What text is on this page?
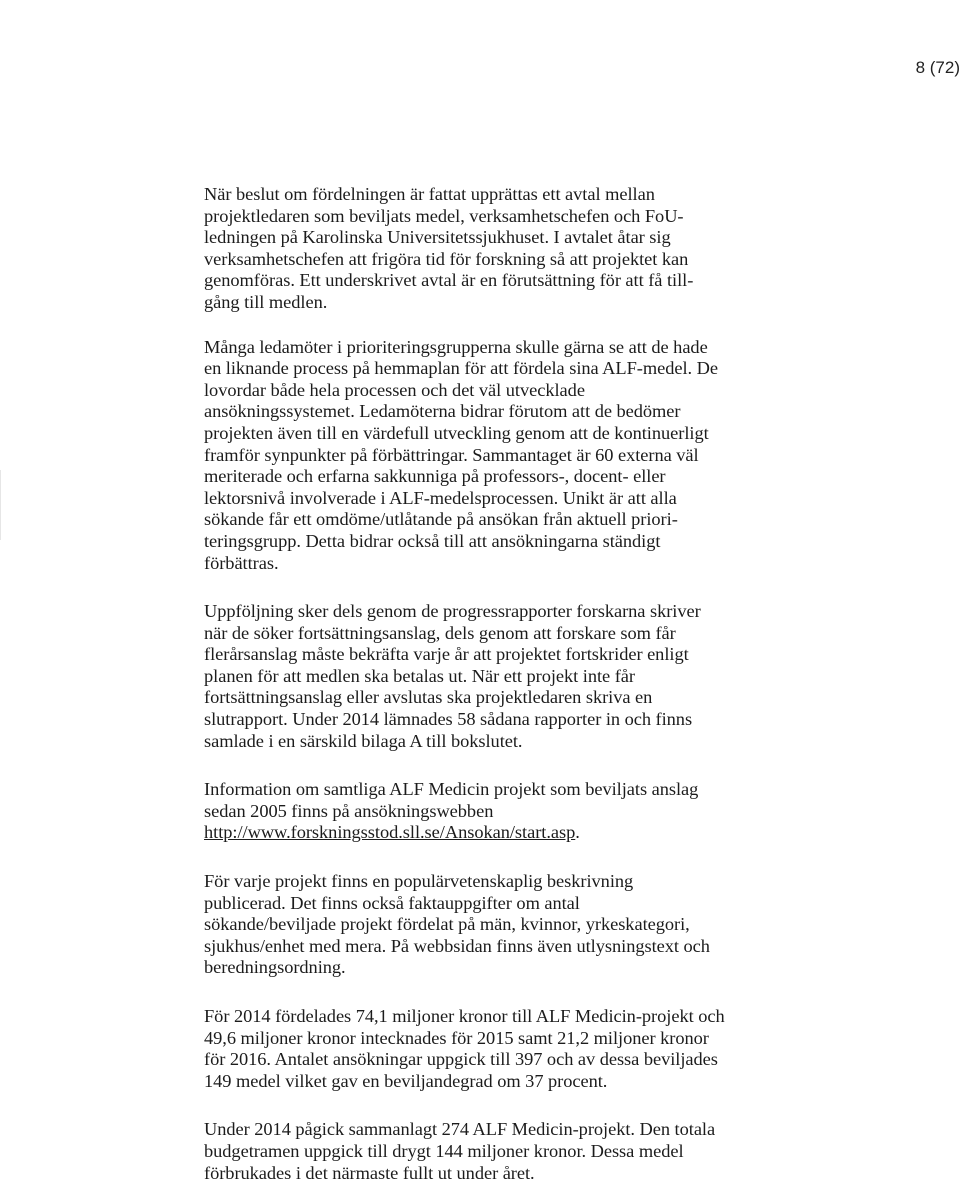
8 (72)

När beslut om fördelningen är fattat upprättas ett avtal mellan
projektledaren som beviljats medel, verksamhetschefen och FoU-
ledningen på Karolinska Universitetssjukhuset. I avtalet åtar sig
verksamhetschefen att frigöra tid för forskning så att projektet kan
genomföras. Ett underskrivet avtal är en förutsättning för att få till-
gång till medlen.

Många ledamöter i prioriteringsgrupperna skulle gärna se att de hade
en liknande process på hemmaplan för att fördela sina ALF-medel. De
lovordar både hela processen och det väl utvecklade
ansökningssystemet. Ledamöterna bidrar förutom att de bedömer
projekten även till en värdefull utveckling genom att de kontinuerligt
framför synpunkter på förbättringar. Sammantaget är 60 externa väl
meriterade och erfarna sakkunniga på professors-, docent- eller
lektorsnivå involverade i ALF-medelsprocessen. Unikt är att alla
sökande får ett omdöme/utlåtande på ansökan från aktuell priori-
teringsgrupp. Detta bidrar också till att ansökningarna ständigt
förbättras.

Uppföljning sker dels genom de progressrapporter forskarna skriver
när de söker fortsättningsanslag, dels genom att forskare som får
flerårsanslag måste bekräfta varje år att projektet fortskrider enligt
planen för att medlen ska betalas ut. När ett projekt inte får
fortsättningsanslag eller avslutas ska projektledaren skriva en
slutrapport. Under 2014 lämnades 58 sådana rapporter in och finns
samlade i en särskild bilaga A till bokslutet.

Information om samtliga ALF Medicin projekt som beviljats anslag
sedan 2005 finns på ansökningswebben
http://www.forskningsstod.sll.se/Ansokan/start.asp.

För varje projekt finns en populärvetenskaplig beskrivning
publicerad. Det finns också faktauppgifter om antal
sökande/beviljade projekt fördelat på män, kvinnor, yrkeskategori,
sjukhus/enhet med mera. På webbsidan finns även utlysningstext och
beredningsordning.

För 2014 fördelades 74,1 miljoner kronor till ALF Medicin-projekt och
49,6 miljoner kronor intecknades för 2015 samt 21,2 miljoner kronor
för 2016. Antalet ansökningar uppgick till 397 och av dessa beviljades
149 medel vilket gav en beviljandegrad om 37 procent.

Under 2014 pågick sammanlagt 274 ALF Medicin-projekt. Den totala
budgetramen uppgick till drygt 144 miljoner kronor. Dessa medel
förbrukades i det närmaste fullt ut under året.
